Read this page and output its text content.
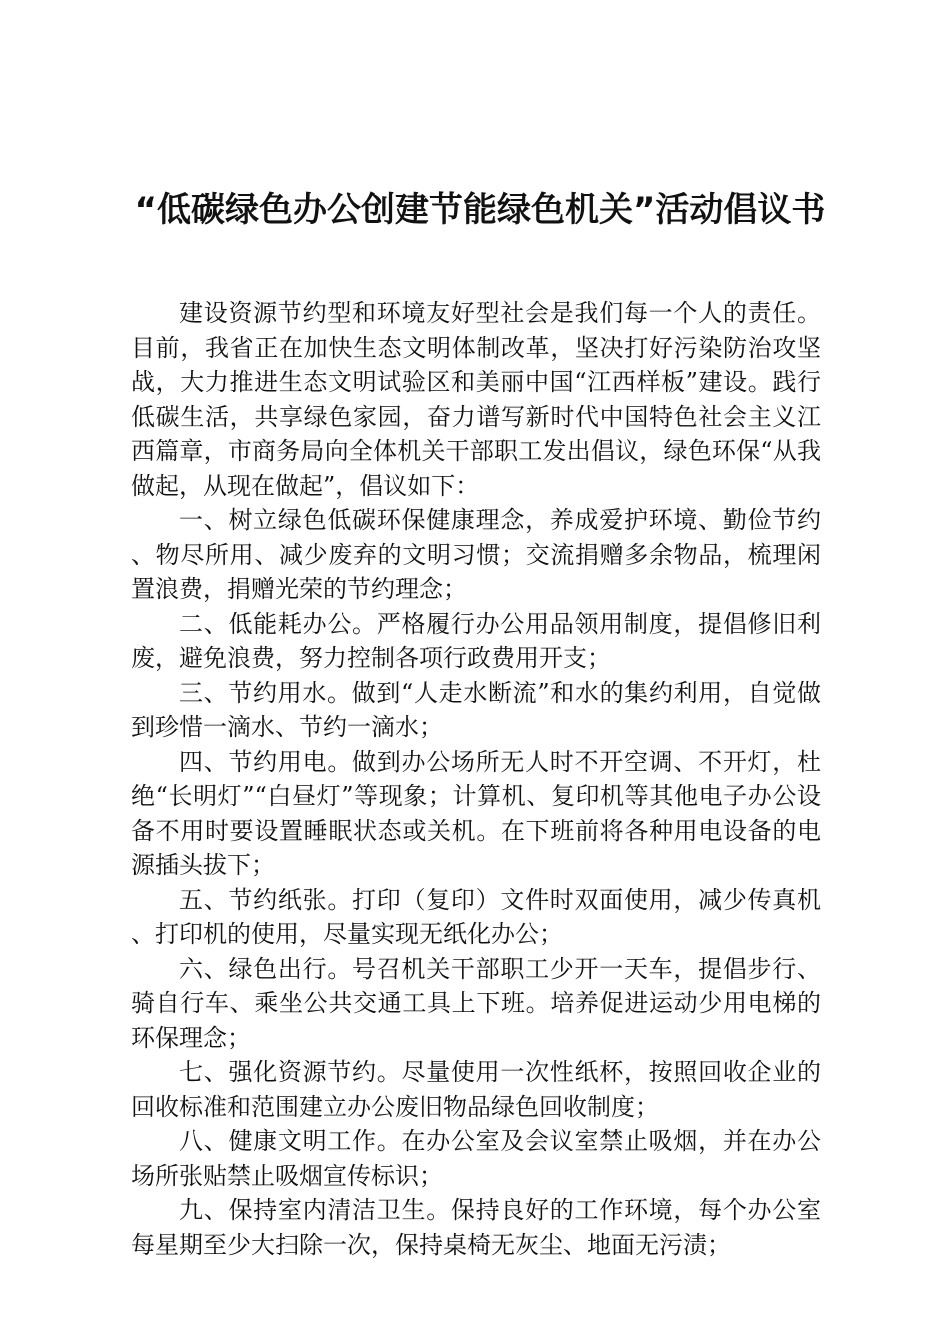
“低碳绿色办公创建节能绿色机关”活动倡议书

建设资源节约型和环境友好型社会是我们每一个人的责任。目前，我省正在加快生态文明体制改革，坚决打好污染防治攻坚战，大力推进生态文明试验区和美丽中国“江西样板”建设。践行低碳生活，共享绿色家园，奋力谱写新时代中国特色社会主义江西篇章，市商务局向全体机关干部职工发出倡议，绿色环保“从我做起，从现在做起”，倡议如下：

一、树立绿色低碳环保健康理念，养成爱护环境、勤俭节约、物尽所用、减少废弃的文明习惯；交流捐赠多余物品，梳理闲置浪费，捐赠光荣的节约理念；

二、低能耗办公。严格履行办公用品领用制度，提倡修旧利废，避免浪费，努力控制各项行政费用开支；

三、节约用水。做到“人走水断流”和水的集约利用，自觉做到珍惜一滴水、节约一滴水；

四、节约用电。做到办公场所无人时不开空调、不开灯，杜绝“长明灯”“白昼灯”等现象；计算机、复印机等其他电子办公设备不用时要设置睡眠状态或关机。在下班前将各种用电设备的电源插头拔下；

五、节约纸张。打印（复印）文件时双面使用，减少传真机、打印机的使用，尽量实现无纸化办公；

六、绿色出行。号召机关干部职工少开一天车，提倡步行、骑自行车、乘坐公共交通工具上下班。培养促进运动少用电梯的环保理念；

七、强化资源节约。尽量使用一次性纸杯，按照回收企业的回收标准和范围建立办公废旧物品绿色回收制度；

八、健康文明工作。在办公室及会议室禁止吸烟，并在办公场所张贴禁止吸烟宣传标识；

九、保持室内清洁卫生。保持良好的工作环境，每个办公室每星期至少大扫除一次，保持桌椅无灰尘、地面无污渍；
